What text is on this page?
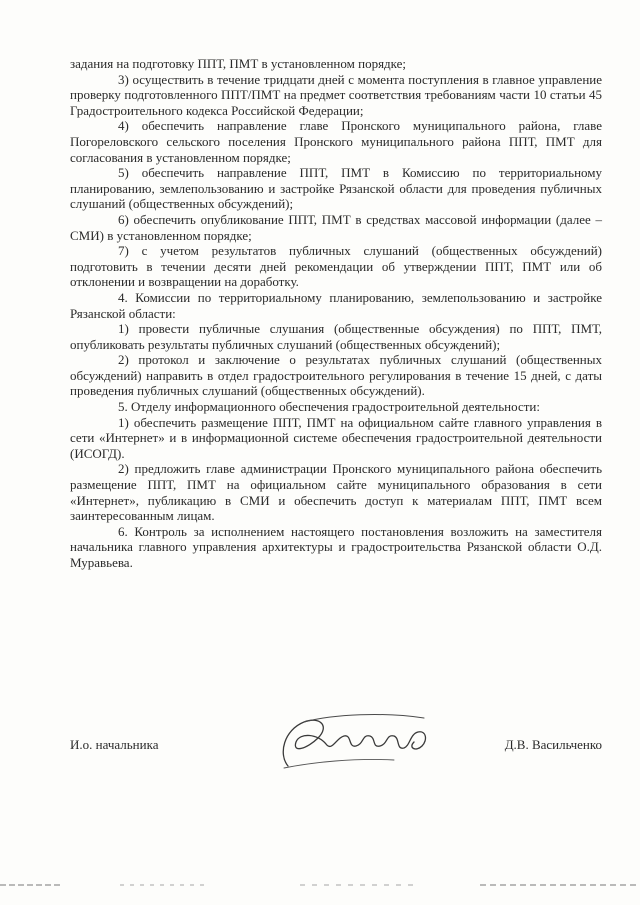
задания на подготовку ППТ, ПМТ в установленном порядке;

3) осуществить в течение тридцати дней с момента поступления в главное управление проверку подготовленного ППТ/ПМТ на предмет соответствия требованиям части 10 статьи 45 Градостроительного кодекса Российской Федерации;

4) обеспечить направление главе Пронского муниципального района, главе Погореловского сельского поселения Пронского муниципального района ППТ, ПМТ для согласования в установленном порядке;

5) обеспечить направление ППТ, ПМТ в Комиссию по территориальному планированию, землепользованию и застройке Рязанской области для проведения публичных слушаний (общественных обсуждений);

6) обеспечить опубликование ППТ, ПМТ в средствах массовой информации (далее – СМИ) в установленном порядке;

7) с учетом результатов публичных слушаний (общественных обсуждений) подготовить в течении десяти дней рекомендации об утверждении ППТ, ПМТ или об отклонении и возвращении на доработку.

4. Комиссии по территориальному планированию, землепользованию и застройке Рязанской области:

1) провести публичные слушания (общественные обсуждения) по ППТ, ПМТ, опубликовать результаты публичных слушаний (общественных обсуждений);

2) протокол и заключение о результатах публичных слушаний (общественных обсуждений) направить в отдел градостроительного регулирования в течение 15 дней, с даты проведения публичных слушаний (общественных обсуждений).

5. Отделу информационного обеспечения градостроительной деятельности:

1) обеспечить размещение ППТ, ПМТ на официальном сайте главного управления в сети «Интернет» и в информационной системе обеспечения градостроительной деятельности (ИСОГД).

2) предложить главе администрации Пронского муниципального района обеспечить размещение ППТ, ПМТ на официальном сайте муниципального образования в сети «Интернет», публикацию в СМИ и обеспечить доступ к материалам ППТ, ПМТ всем заинтересованным лицам.

6. Контроль за исполнением настоящего постановления возложить на заместителя начальника главного управления архитектуры и градостроительства Рязанской области О.Д. Муравьева.

И.о. начальника	Д.В. Васильченко
